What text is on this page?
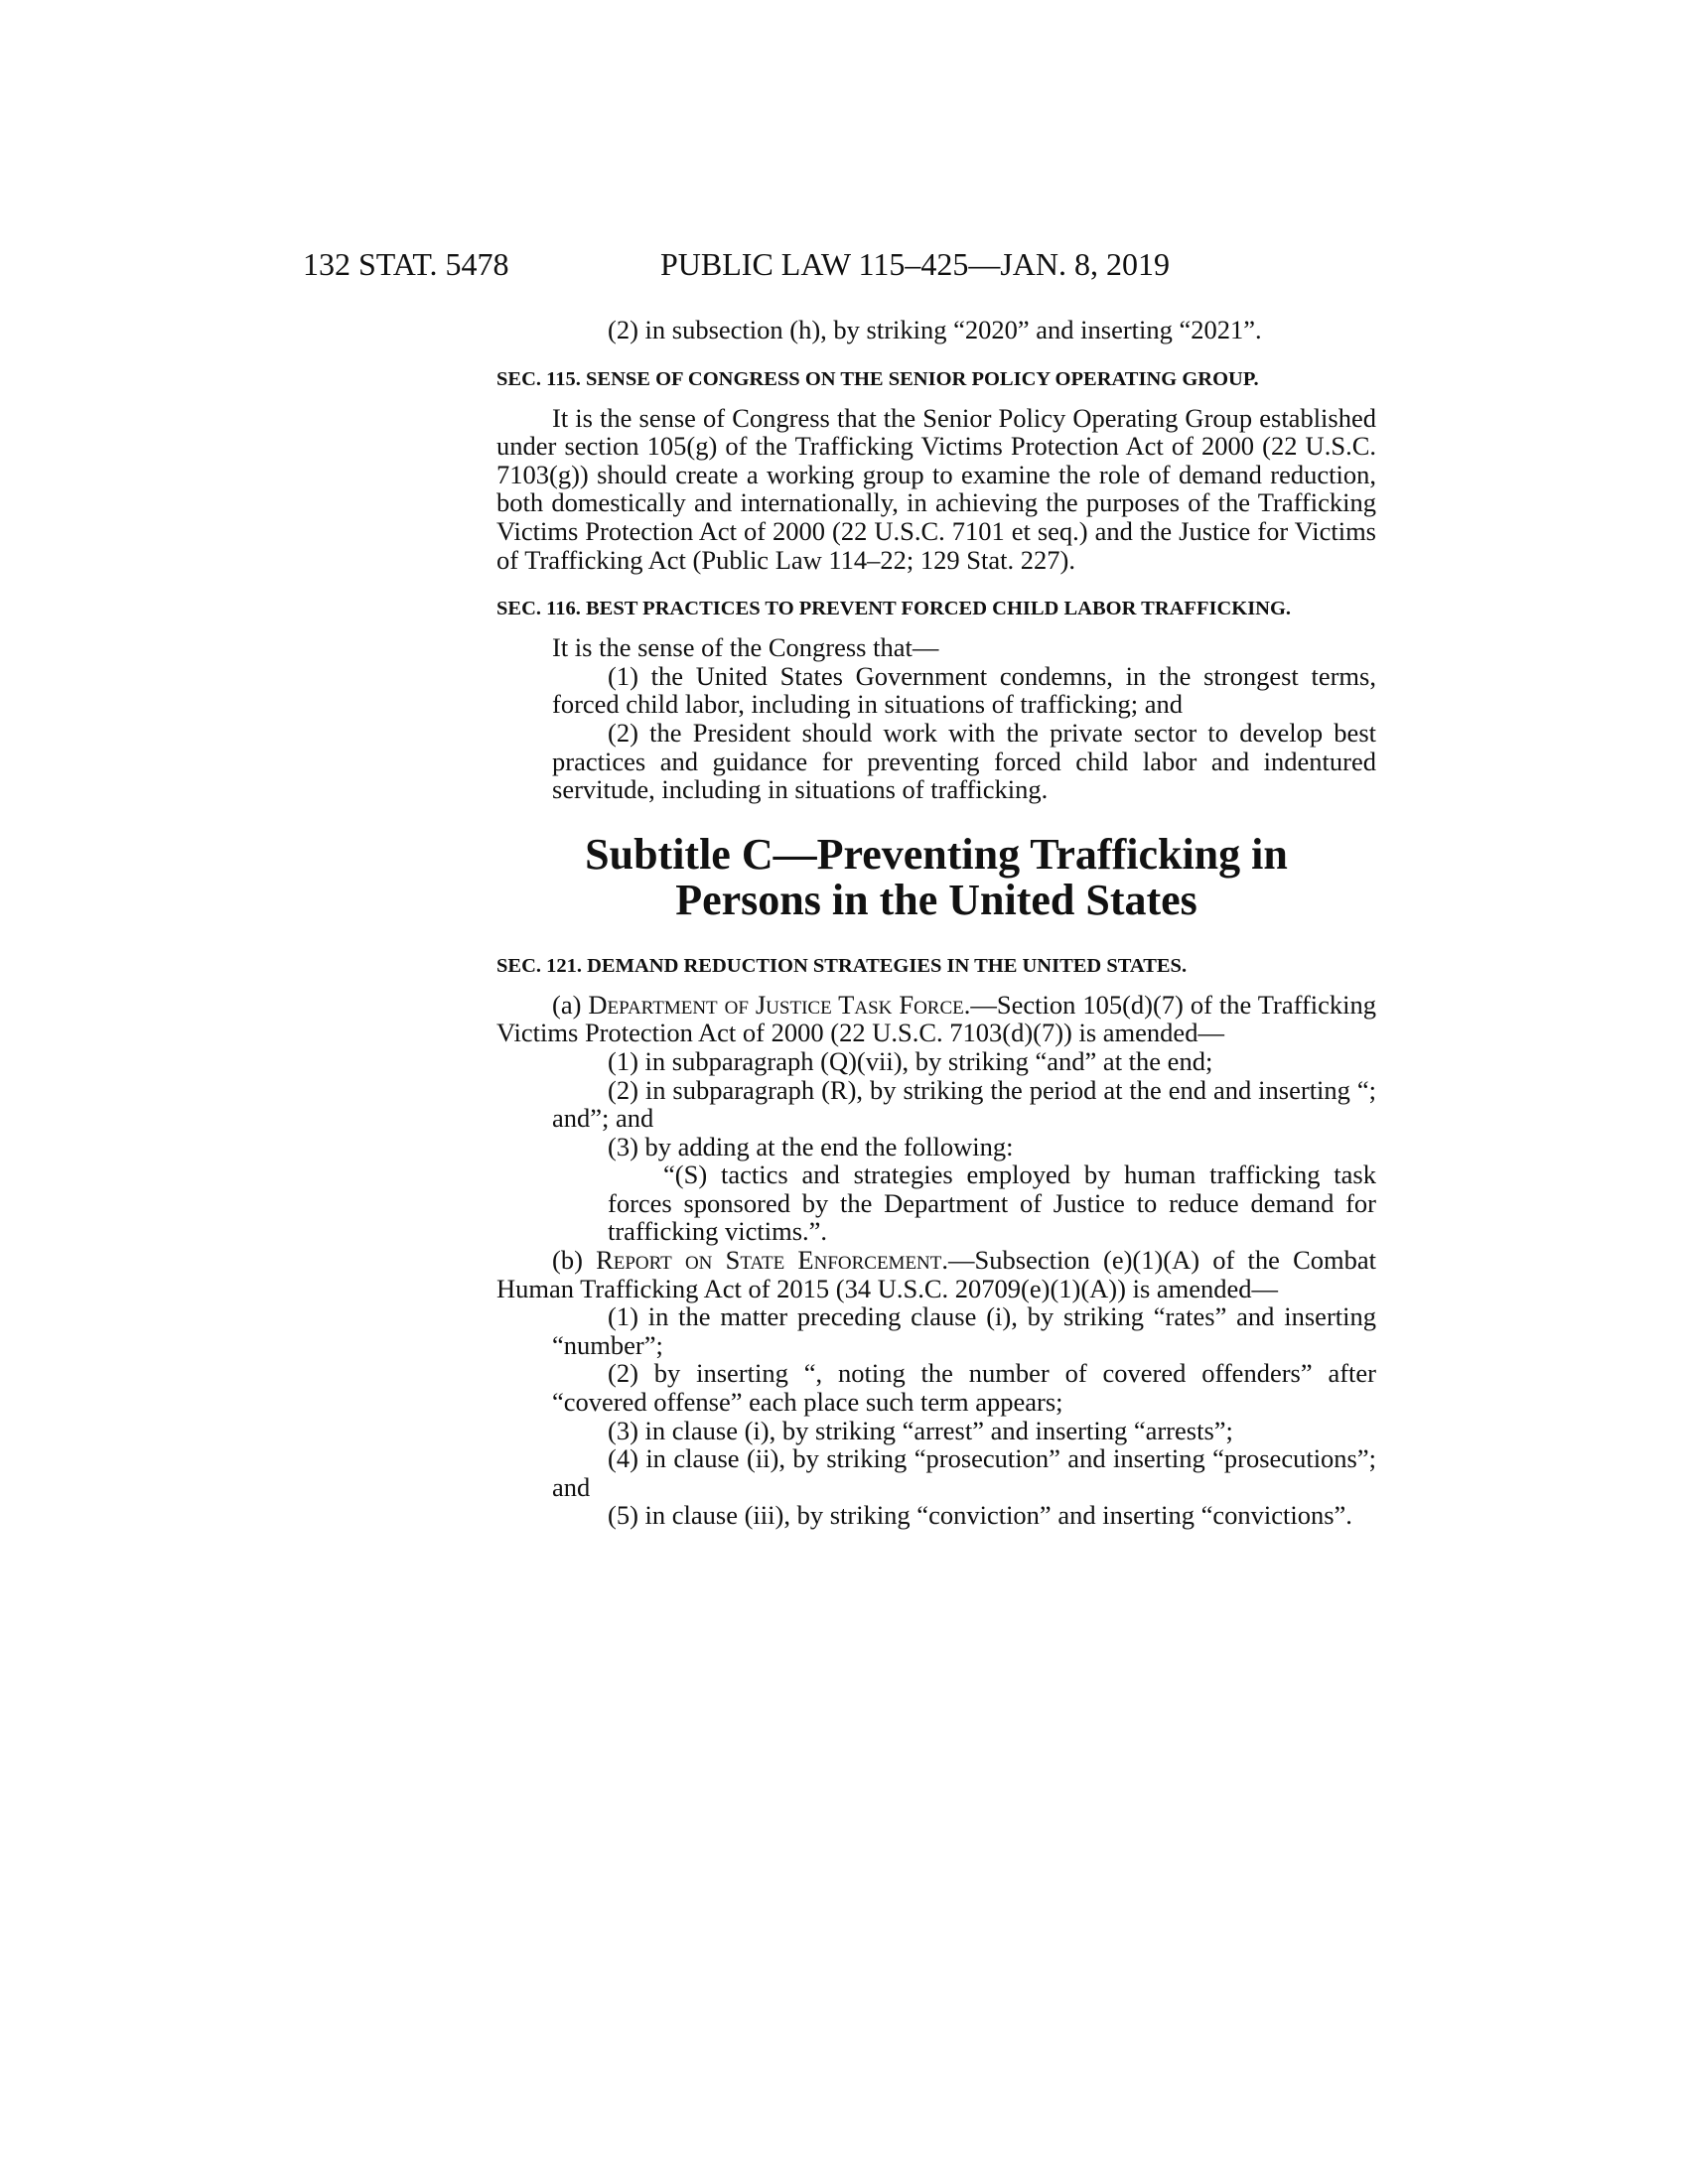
132 STAT. 5478	PUBLIC LAW 115–425—JAN. 8, 2019

(2) in subsection (h), by striking “2020” and inserting “2021”.

SEC. 115. SENSE OF CONGRESS ON THE SENIOR POLICY OPERATING GROUP.

It is the sense of Congress that the Senior Policy Operating Group established under section 105(g) of the Trafficking Victims Protection Act of 2000 (22 U.S.C. 7103(g)) should create a working group to examine the role of demand reduction, both domestically and internationally, in achieving the purposes of the Trafficking Victims Protection Act of 2000 (22 U.S.C. 7101 et seq.) and the Justice for Victims of Trafficking Act (Public Law 114–22; 129 Stat. 227).

SEC. 116. BEST PRACTICES TO PREVENT FORCED CHILD LABOR TRAFFICKING.

It is the sense of the Congress that—

(1) the United States Government condemns, in the strongest terms, forced child labor, including in situations of trafficking; and

(2) the President should work with the private sector to develop best practices and guidance for preventing forced child labor and indentured servitude, including in situations of trafficking.

Subtitle C—Preventing Trafficking in
Persons in the United States
SEC. 121. DEMAND REDUCTION STRATEGIES IN THE UNITED STATES.

(a) Department of Justice Task Force.—Section 105(d)(7) of the Trafficking Victims Protection Act of 2000 (22 U.S.C. 7103(d)(7)) is amended—

(1) in subparagraph (Q)(vii), by striking “and” at the end;

(2) in subparagraph (R), by striking the period at the end and inserting “; and”; and

(3) by adding at the end the following:

“(S) tactics and strategies employed by human trafficking task forces sponsored by the Department of Justice to reduce demand for trafficking victims.”.

(b) Report on State Enforcement.—Subsection (e)(1)(A) of the Combat Human Trafficking Act of 2015 (34 U.S.C. 20709(e)(1)(A)) is amended—

(1) in the matter preceding clause (i), by striking “rates” and inserting “number”;

(2) by inserting “, noting the number of covered offenders” after “covered offense” each place such term appears;

(3) in clause (i), by striking “arrest” and inserting “arrests”;

(4) in clause (ii), by striking “prosecution” and inserting “prosecutions”; and

(5) in clause (iii), by striking “conviction” and inserting “convictions”.
